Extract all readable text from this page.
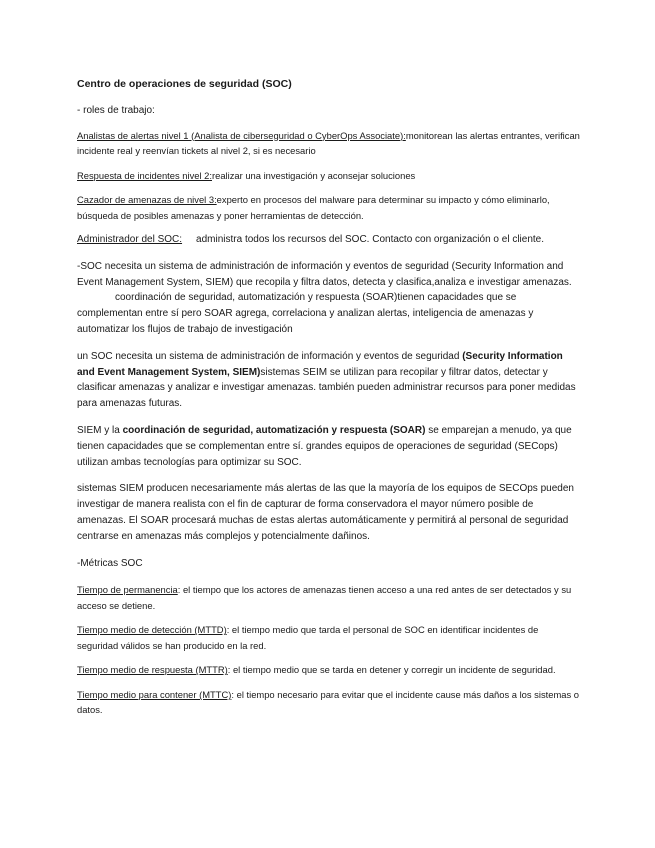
Centro de operaciones de seguridad (SOC)

- roles de trabajo:

Analistas de alertas nivel 1 (Analista de ciberseguridad o CyberOps Associate):monitorean las alertas entrantes, verifican incidente real y reenvían tickets al nivel 2, si es necesario

Respuesta de incidentes nivel 2:realizar una investigación y aconsejar soluciones

Cazador de amenazas de nivel 3:experto en procesos del malware para determinar su impacto y cómo eliminarlo, búsqueda de posibles amenazas y poner herramientas de detección.

Administrador del SOC: administra todos los recursos del SOC. Contacto con organización o el cliente.

-SOC necesita un sistema de administración de información y eventos de seguridad (Security Information and Event Management System, SIEM) que recopila y filtra datos, detecta y clasifica,analiza e investigar amenazas.coordinación de seguridad, automatización y respuesta (SOAR)tienen capacidades que se complementan entre sí pero SOAR agrega, correlaciona y analizan alertas, inteligencia de amenazas y automatizar los flujos de trabajo de investigación

un SOC necesita un sistema de administración de información y eventos de seguridad (Security Information and Event Management System, SIEM)sistemas SEIM se utilizan para recopilar y filtrar datos, detectar y clasificar amenazas y analizar e investigar amenazas. también pueden administrar recursos para poner medidas para amenazas futuras.

SIEM y la coordinación de seguridad, automatización y respuesta (SOAR) se emparejan a menudo, ya que tienen capacidades que se complementan entre sí. grandes equipos de operaciones de seguridad (SECops) utilizan ambas tecnologías para optimizar su SOC.

sistemas SIEM producen necesariamente más alertas de las que la mayoría de los equipos de SECOps pueden investigar de manera realista con el fin de capturar de forma conservadora el mayor número posible de amenazas. El SOAR procesará muchas de estas alertas automáticamente y permitirá al personal de seguridad centrarse en amenazas más complejos y potencialmente dañinos.

-Métricas SOC

Tiempo de permanencia: el tiempo que los actores de amenazas tienen acceso a una red antes de ser detectados y su acceso se detiene.

Tiempo medio de detección (MTTD): el tiempo medio que tarda el personal de SOC en identificar incidentes de seguridad válidos se han producido en la red.

Tiempo medio de respuesta (MTTR): el tiempo medio que se tarda en detener y corregir un incidente de seguridad.

Tiempo medio para contener (MTTC): el tiempo necesario para evitar que el incidente cause más daños a los sistemas o datos.
